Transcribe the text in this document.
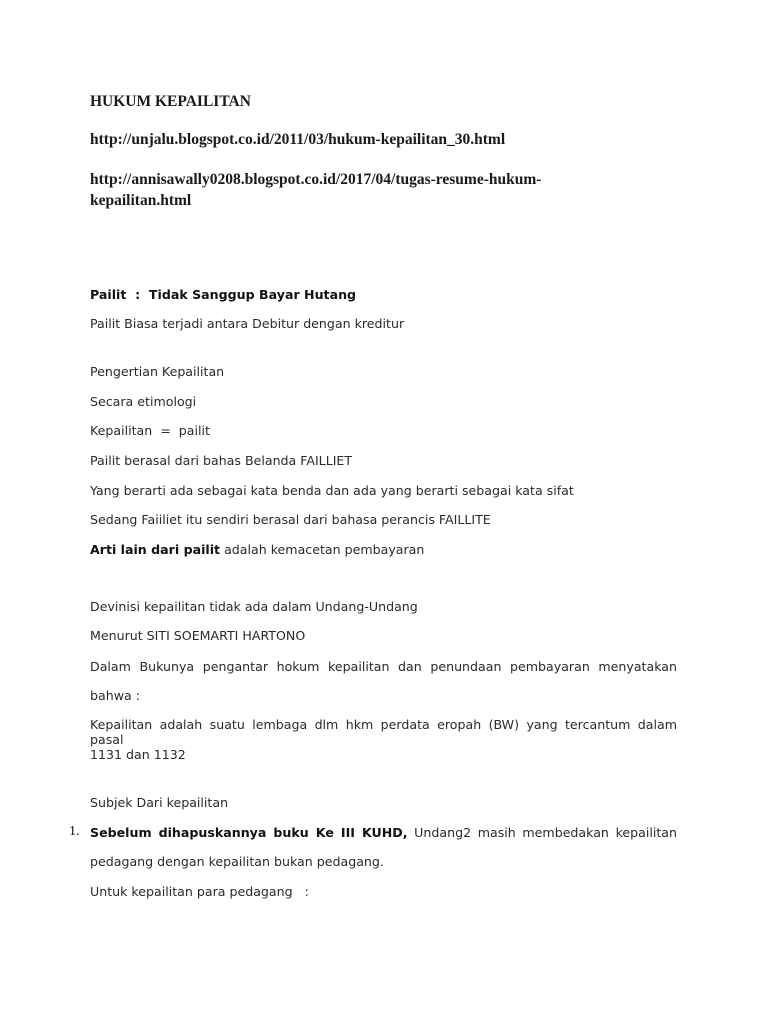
HUKUM KEPAILITAN
http://unjalu.blogspot.co.id/2011/03/hukum-kepailitan_30.html
http://annisawally0208.blogspot.co.id/2017/04/tugas-resume-hukum-
kepailitan.html
Pailit  :  Tidak Sanggup Bayar Hutang
Pailit Biasa terjadi antara Debitur dengan kreditur
Pengertian Kepailitan
Secara etimologi
Kepailitan  =  pailit
Pailit berasal dari bahas Belanda FAILLIET
Yang berarti ada sebagai kata benda dan ada yang berarti sebagai kata sifat
Sedang Faiiliet itu sendiri berasal dari bahasa perancis FAILLITE
Arti lain dari pailit adalah kemacetan pembayaran
Devinisi kepailitan tidak ada dalam Undang-Undang
Menurut SITI SOEMARTI HARTONO
Dalam Bukunya pengantar hokum kepailitan dan penundaan pembayaran menyatakan
bahwa :
Kepailitan adalah suatu lembaga dlm hkm perdata eropah (BW) yang tercantum dalam pasal
1131 dan 1132
Subjek Dari kepailitan
1. Sebelum dihapuskannya buku Ke III KUHD, Undang2 masih membedakan kepailitan
pedagang dengan kepailitan bukan pedagang.
Untuk kepailitan para pedagang   :
